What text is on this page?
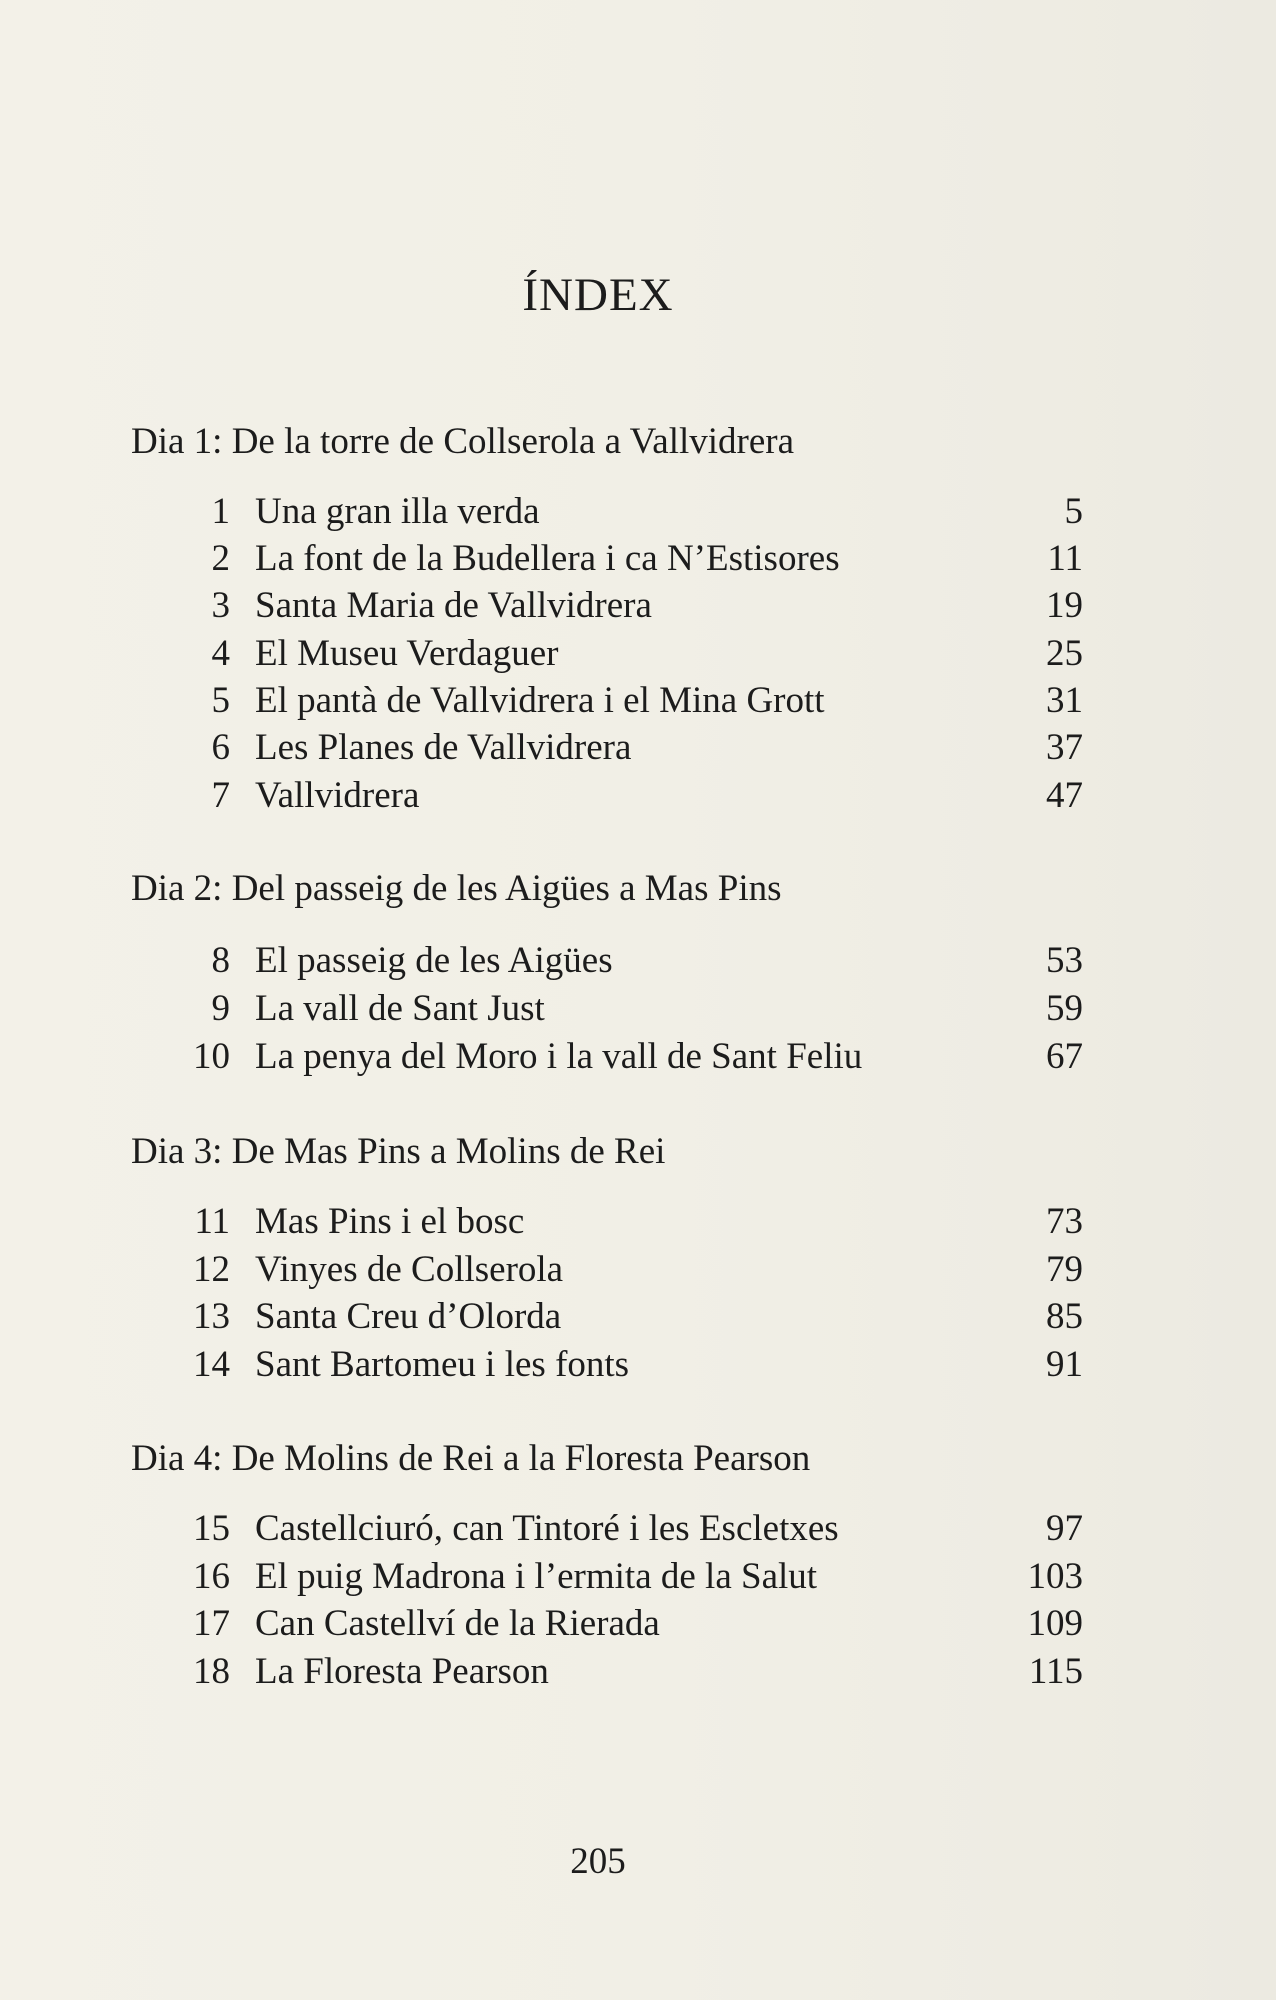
ÍNDEX
Dia 1: De la torre de Collserola a Vallvidrera
1 Una gran illa verda	5
2 La font de la Budellera i ca N’Estisores	11
3 Santa Maria de Vallvidrera	19
4 El Museu Verdaguer	25
5 El pantà de Vallvidrera i el Mina Grott	31
6 Les Planes de Vallvidrera	37
7 Vallvidrera	47
Dia 2: Del passeig de les Aigües a Mas Pins
8 El passeig de les Aigües	53
9 La vall de Sant Just	59
10 La penya del Moro i la vall de Sant Feliu	67
Dia 3: De Mas Pins a Molins de Rei
11 Mas Pins i el bosc	73
12 Vinyes de Collserola	79
13 Santa Creu d’Olorda	85
14 Sant Bartomeu i les fonts	91
Dia 4: De Molins de Rei a la Floresta Pearson
15 Castellciuró, can Tintoré i les Escletxes	97
16 El puig Madrona i l’ermita de la Salut	103
17 Can Castellví de la Rierada	109
18 La Floresta Pearson	115
205
